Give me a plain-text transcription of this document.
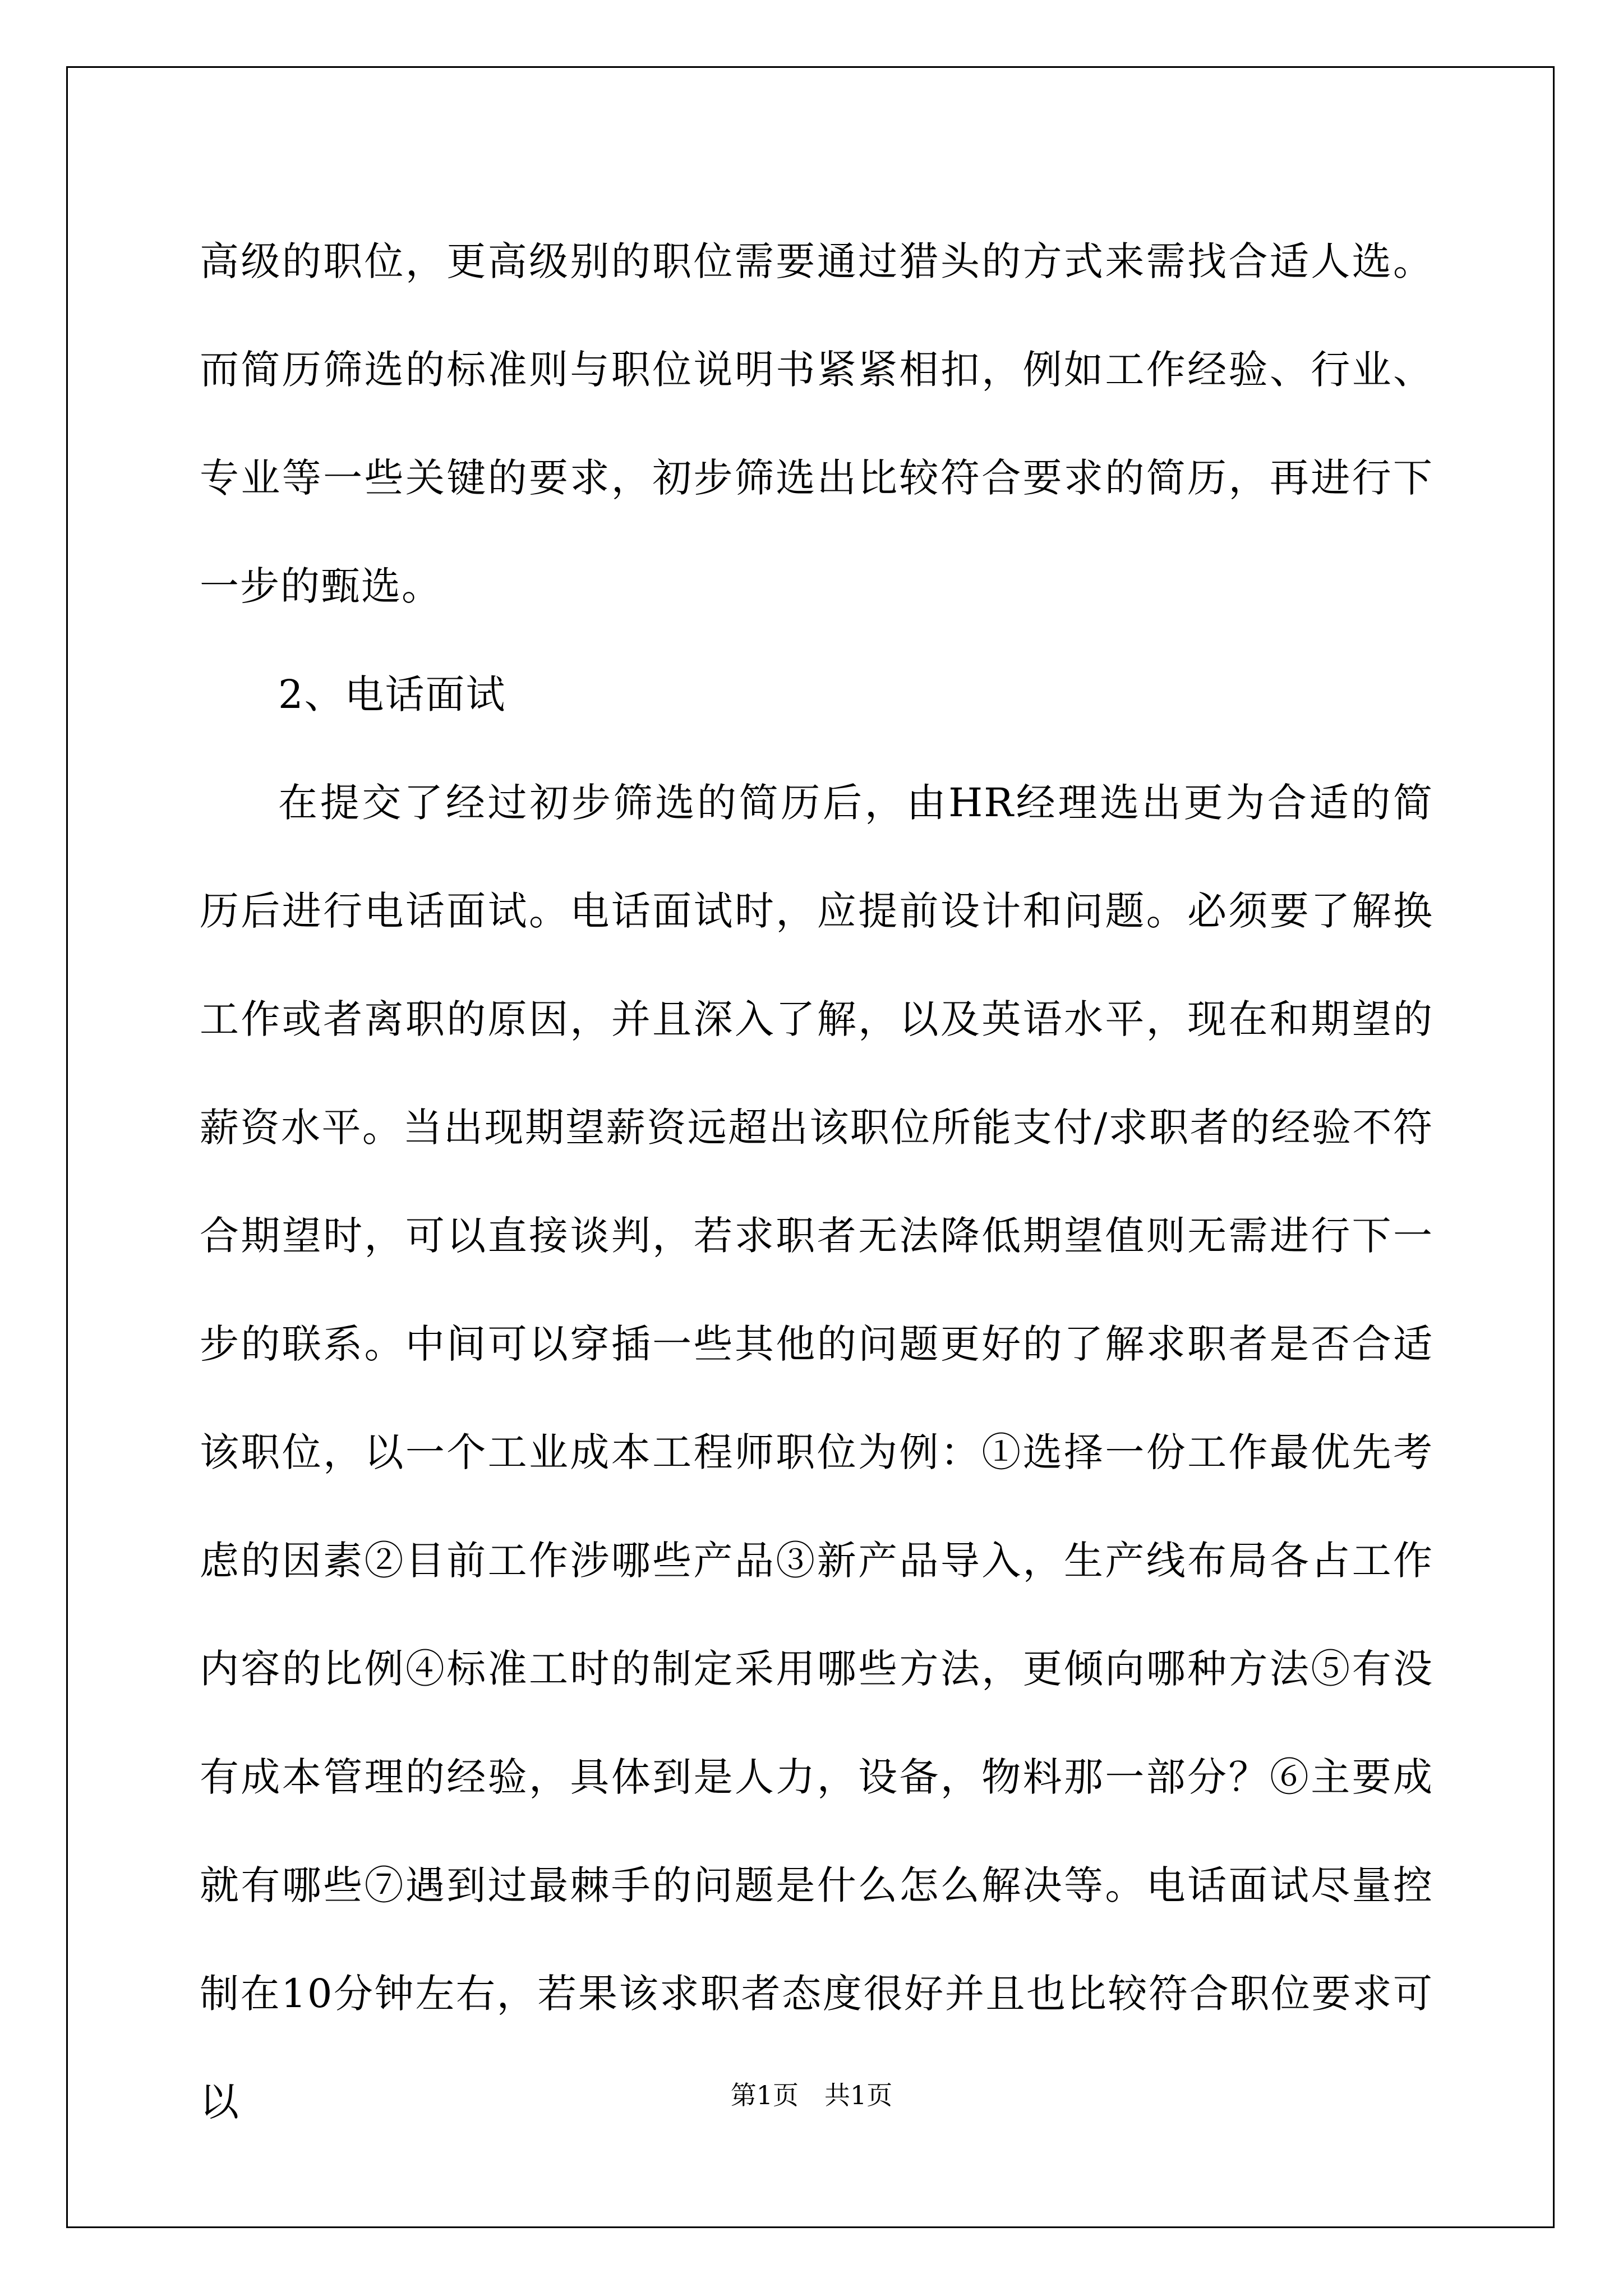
高级的职位，更高级别的职位需要通过猎头的方式来需找合适人选。而简历筛选的标准则与职位说明书紧紧相扣，例如工作经验、行业、专业等一些关键的要求，初步筛选出比较符合要求的简历，再进行下一步的甄选。

2、电话面试

在提交了经过初步筛选的简历后，由HR经理选出更为合适的简历后进行电话面试。电话面试时，应提前设计和问题。必须要了解换工作或者离职的原因，并且深入了解，以及英语水平，现在和期望的薪资水平。当出现期望薪资远超出该职位所能支付/求职者的经验不符合期望时，可以直接谈判，若求职者无法降低期望值则无需进行下一步的联系。中间可以穿插一些其他的问题更好的了解求职者是否合适该职位，以一个工业成本工程师职位为例：①选择一份工作最优先考虑的因素②目前工作涉哪些产品③新产品导入，生产线布局各占工作内容的比例④标准工时的制定采用哪些方法，更倾向哪种方法⑤有没有成本管理的经验，具体到是人力，设备，物料那一部分？⑥主要成就有哪些⑦遇到过最棘手的问题是什么怎么解决等。电话面试尽量控制在10分钟左右，若果该求职者态度很好并且也比较符合职位要求可以	第1页 共1页
